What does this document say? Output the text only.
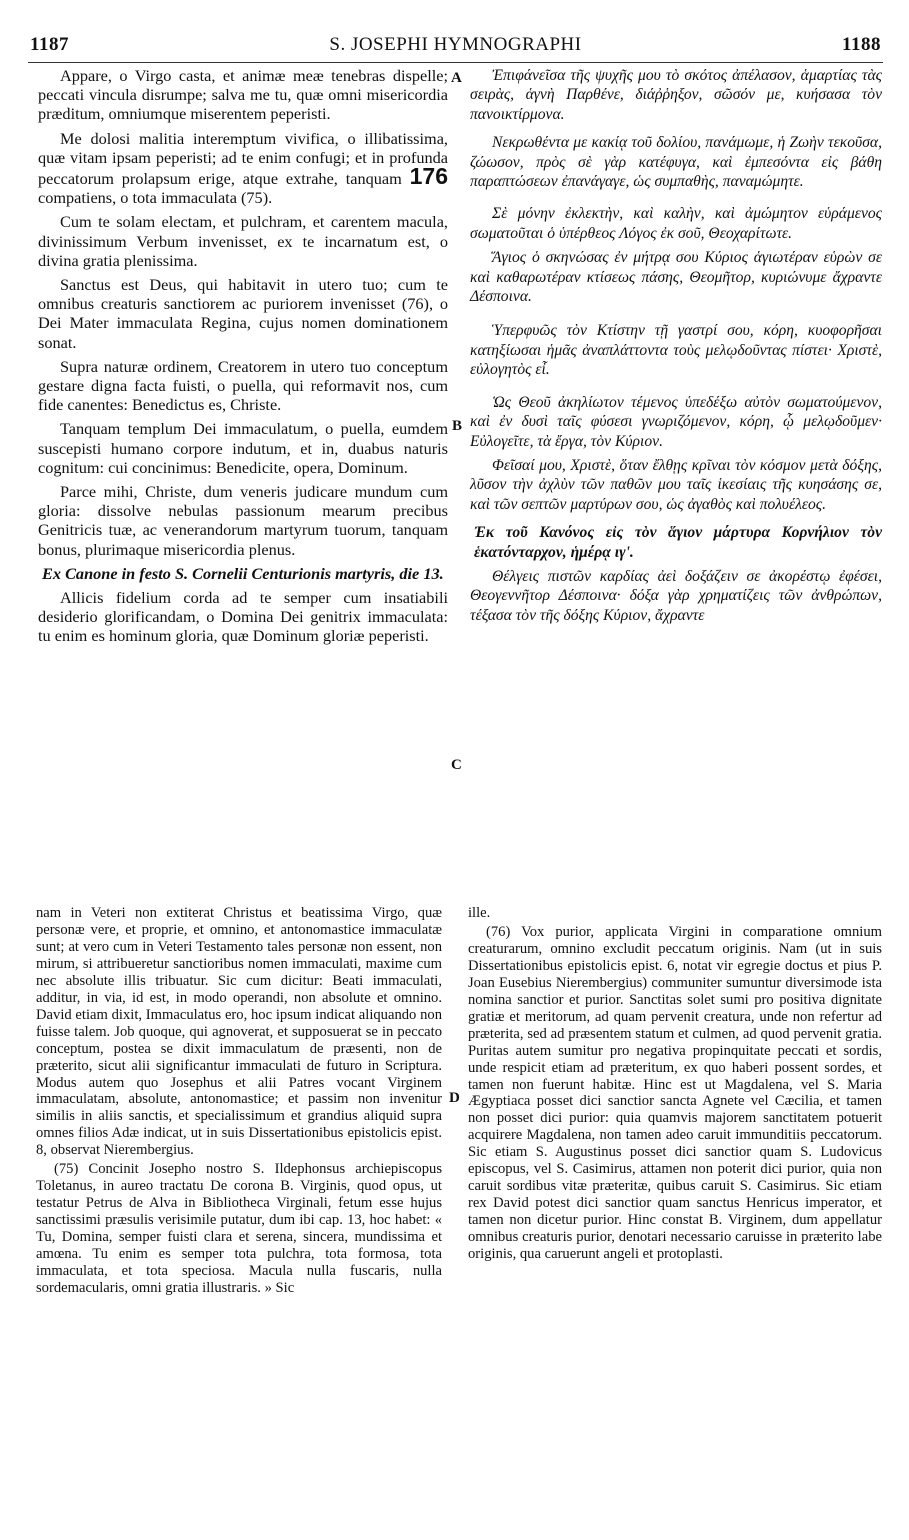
1187	S. JOSEPHI HYMNOGRAPHI	1188

Appare, o Virgo casta, et animæ meæ tenebras dispelle; peccati vincula disrumpe; salva me tu, quæ omni misericordia præditum, omniumque miserentem peperisti.

Me dolosi malitia interemptum vivifica, o illibatissima, quæ vitam ipsam peperisti; ad te enim confugi; et in profunda peccatorum prolapsum erige, atque extrahe, tanquam 176 compatiens, o tota immaculata (75).

Cum te solam electam, et pulchram, et carentem macula, divinissimum Verbum invenisset, ex te incarnatum est, o divina gratia plenissima.

Sanctus est Deus, qui habitavit in utero tuo; cum te omnibus creaturis sanctiorem ac puriorem invenisset (76), o Dei Mater immaculata Regina, cujus nomen dominationem sonat.

Supra naturæ ordinem, Creatorem in utero tuo conceptum gestare digna facta fuisti, o puella, qui reformavit nos, cum fide canentes: Benedictus es, Christe.

Tanquam templum Dei immaculatum, o puella, eumdem suscepisti humano corpore indutum, et in, duabus naturis cognitum: cui concinimus: Benedicite, opera, Dominum.

Parce mihi, Christe, dum veneris judicare mundum cum gloria: dissolve nebulas passionum mearum precibus Genitricis tuæ, ac venerandorum martyrum tuorum, tanquam bonus, plurimaque misericordia plenus.

Ex Canone in festo S. Cornelii Centurionis martyris, die 13.

Allicis fidelium corda ad te semper cum insatiabili desiderio glorificandam, o Domina Dei genitrix immaculata: tu enim es hominum gloria, quæ Dominum gloriæ peperisti.

Ἐπιφάνεῖσα τῆς ψυχῆς μου τὸ σκότος ἀπέλασον, ἁμαρτίας τὰς σειρὰς, ἁγνὴ Παρθένε, διάῤῥηξον, σῶσόν με, κυήσασα τὸν πανοικτίρμονα.

Νεκρωθέντα με κακίᾳ τοῦ δολίου, πανάμωμε, ἡ Ζωὴν τεκοῦσα, ζώωσον, πρὸς σὲ γὰρ κατέφυγα, καὶ ἐμπεσόντα εἰς βάθη παραπτώσεων ἐπανάγαγε, ὡς συμπαθὴς, παναμώμητε.

Σὲ μόνην ἐκλεκτὴν, καὶ καλὴν, καὶ ἀμώμητον εὑράμενος σωματοῦται ὁ ὑπέρθεος Λόγος ἐκ σοῦ, Θεοχαρίτωτε.

Ἅγιος ὁ σκηνώσας ἐν μήτρᾳ σου Κύριος ἁγιωτέραν εὑρὼν σε καὶ καθαρωτέραν κτίσεως πάσης, Θεομῆτορ, κυριώνυμε ἄχραντε Δέσποινα.

Ὑπερφυῶς τὸν Κτίστην τῇ γαστρί σου, κόρη, κυοφορῆσαι κατηξίωσαι ἡμᾶς ἀναπλάττοντα τοὺς μελῳδοῦντας πίστει· Χριστὲ, εὐλογητὸς εἶ.

Ὡς Θεοῦ ἀκηλίωτον τέμενος ὑπεδέξω αὐτὸν σωματούμενον, καὶ ἐν δυσὶ ταῖς φύσεσι γνωριζόμενον, κόρη, ᾧ μελῳδοῦμεν· Εὐλογεῖτε, τὰ ἔργα, τὸν Κύριον.

Φεῖσαί μου, Χριστὲ, ὅταν ἔλθῃς κρῖναι τὸν κόσμον μετὰ δόξης, λῦσον τὴν ἀχλὺν τῶν παθῶν μου ταῖς ἱκεσίαις τῆς κυησάσης σε, καὶ τῶν σεπτῶν μαρτύρων σου, ὡς ἀγαθὸς καὶ πολυέλεος.

Ἐκ τοῦ Κανόνος εἰς τὸν ἅγιον μάρτυρα Κορνήλιον τὸν ἑκατόνταρχον, ἡμέρᾳ ιγ'.

Θέλγεις πιστῶν καρδίας ἀεὶ δοξάζειν σε ἀκορέστῳ ἐφέσει, Θεογεννῆτορ Δέσποινα· δόξα γὰρ χρηματίζεις τῶν ἀνθρώπων, τέξασα τὸν τῆς δόξης Κύριον, ἄχραντε

A
B
C
D

nam in Veteri non extiterat Christus et beatissima Virgo, quæ personæ vere, et proprie, et omnino, et antonomastice immaculatæ sunt; at vero cum in Veteri Testamento tales personæ non essent, non mirum, si attribueretur sanctioribus nomen immaculati, maxime cum nec absolute illis tribuatur. Sic cum dicitur: Beati immaculati, additur, in via, id est, in modo operandi, non absolute et omnino. David etiam dixit, Immaculatus ero, hoc ipsum indicat aliquando non fuisse talem. Job quoque, qui agnoverat, et supposuerat se in peccato conceptum, postea se dixit immaculatum de præsenti, non de præterito, sicut alii significantur immaculati de futuro in Scriptura. Modus autem quo Josephus et alii Patres vocant Virginem immaculatam, absolute, antonomastice; et passim non invenitur similis in aliis sanctis, et specialissimum et grandius aliquid supra omnes filios Adæ indicat, ut in suis Dissertationibus epistolicis epist. 8, observat Nierembergius.

(75) Concinit Josepho nostro S. Ildephonsus archiepiscopus Toletanus, in aureo tractatu De corona B. Virginis, quod opus, ut testatur Petrus de Alva in Bibliotheca Virginali, fetum esse hujus sanctissimi præsulis verisimile putatur, dum ibi cap. 13, hoc habet: « Tu, Domina, semper fuisti clara et serena, sincera, mundissima et amœna. Tu enim es semper tota pulchra, tota formosa, tota immaculata, et tota speciosa. Macula nulla fuscaris, nulla sordemacularis, omni gratia illustraris. » Sic

ille.

(76) Vox purior, applicata Virgini in comparatione omnium creaturarum, omnino excludit peccatum originis. Nam (ut in suis Dissertationibus epistolicis epist. 6, notat vir egregie doctus et pius P. Joan Eusebius Nierembergius) communiter sumuntur diversimode ista nomina sanctior et purior. Sanctitas solet sumi pro positiva dignitate gratiæ et meritorum, ad quam pervenit creatura, unde non refertur ad præterita, sed ad præsentem statum et culmen, ad quod pervenit gratia. Puritas autem sumitur pro negativa propinquitate peccati et sordis, unde respicit etiam ad præteritum, ex quo haberi possent sordes, et tamen non fuerunt habitæ. Hinc est ut Magdalena, vel S. Maria Ægyptiaca posset dici sanctior sancta Agnete vel Cæcilia, et tamen non posset dici purior: quia quamvis majorem sanctitatem potuerit acquirere Magdalena, non tamen adeo caruit immunditiis peccatorum. Sic etiam S. Augustinus posset dici sanctior quam S. Ludovicus episcopus, vel S. Casimirus, attamen non poterit dici purior, quia non caruit sordibus vitæ præteritæ, quibus caruit S. Casimirus. Sic etiam rex David potest dici sanctior quam sanctus Henricus imperator, et tamen non dicetur purior. Hinc constat B. Virginem, dum appellatur omnibus creaturis purior, denotari necessario caruisse in præterito labe originis, qua caruerunt angeli et protoplasti.
